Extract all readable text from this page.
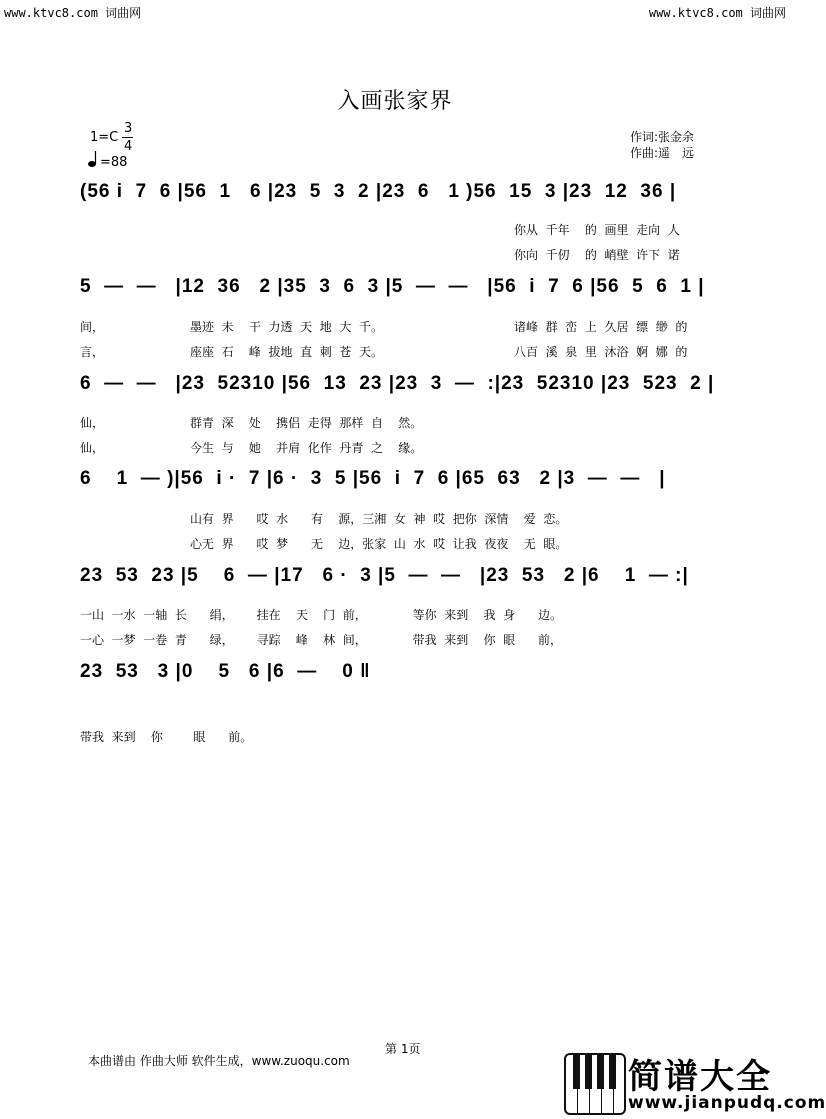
www.ktvc8.com 词曲网	www.ktvc8.com 词曲网
入画张家界
1=C
3
4
=88
作词:张金余
作曲:遥　远
(56 i  7  6 |56  1   6 |23  5  3  2 |23  6   1 )56  15  3 |23  12  36 |
你从  千年    的  画里  走向  人
你向  千仞    的  峭壁  许下  诺
5  —  —   |12  36   2 |35  3  6  3 |5  —  —   |56  i  7  6 |56  5  6  1 |
间，
言，
墨迹  未    干  力透  天  地  大  千。
座座  石    峰  拔地  直  刺  苍  天。
诸峰  群  峦  上  久居  缥  缈  的
八百  溪  泉  里  沐浴  婀  娜  的
6  —  —   |23  52310 |56  13  23 |23  3  —  :|23  52310 |23  523  2 |
仙，
仙，
群青  深    处    携侣  走得  那样  自    然。
今生  与    她    并肩  化作  丹青  之    缘。
6    1  — )|56  i ·  7 |6 ·  3  5 |56  i  7  6 |65  63   2 |3  —  —   |
山有  界      哎  水      有    源，三湘  女  神  哎  把你  深情    爱  恋。
心无  界      哎  梦      无    边，张家  山  水  哎  让我  夜夜    无  眼。
23  53  23 |5    6  — |17   6 ·  3 |5  —  —   |23  53   2 |6    1  — :|
一山  一水  一轴  长      绢，      挂在    天    门  前，            等你  来到    我  身      边。
一心  一梦  一卷  青      绿，      寻踪    峰    林  间，            带我  来到    你  眼      前，
23  53   3 |0    5   6 |6  —    0 ‖
带我  来到    你        眼      前。
第 1页
本曲谱由 作曲大师 软件生成，www.zuoqu.com	简谱大全
www.jianpudq.com
